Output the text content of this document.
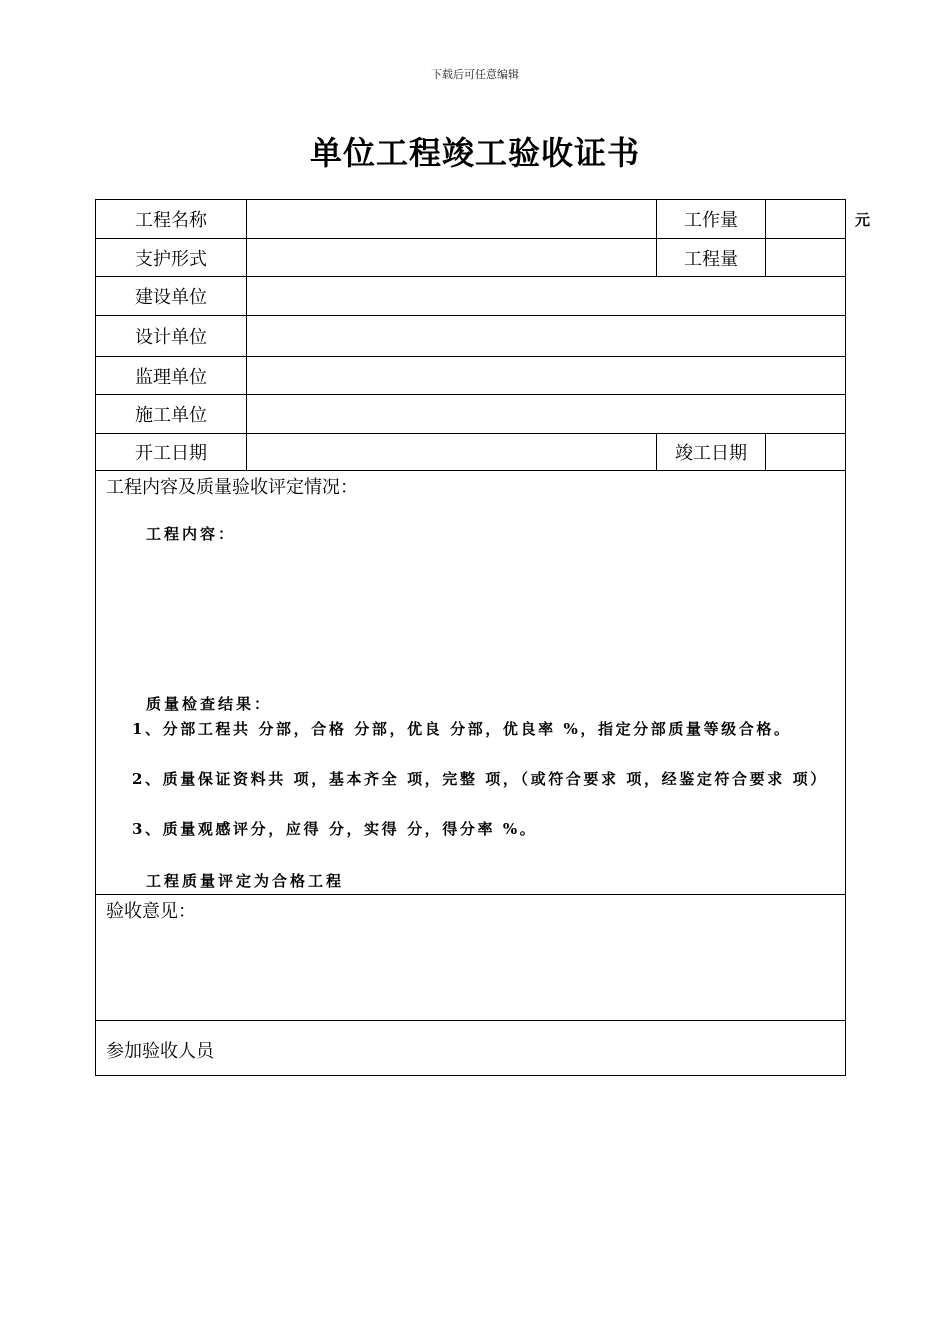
下载后可任意编辑
单位工程竣工验收证书
工程名称	工作量	元
支护形式	工程量
建设单位
设计单位
监理单位
施工单位
开工日期	竣工日期
工程内容及质量验收评定情况：
工程内容：
质量检查结果：
1、分部工程共 分部，合格 分部，优良 分部，优良率 %，指定分部质量等级合格。
2、质量保证资料共 项，基本齐全 项，完整 项，（或符合要求 项，经鉴定符合要求 项）
3、质量观感评分，应得 分，实得 分，得分率 %。
工程质量评定为合格工程
验收意见：
参加验收人员
